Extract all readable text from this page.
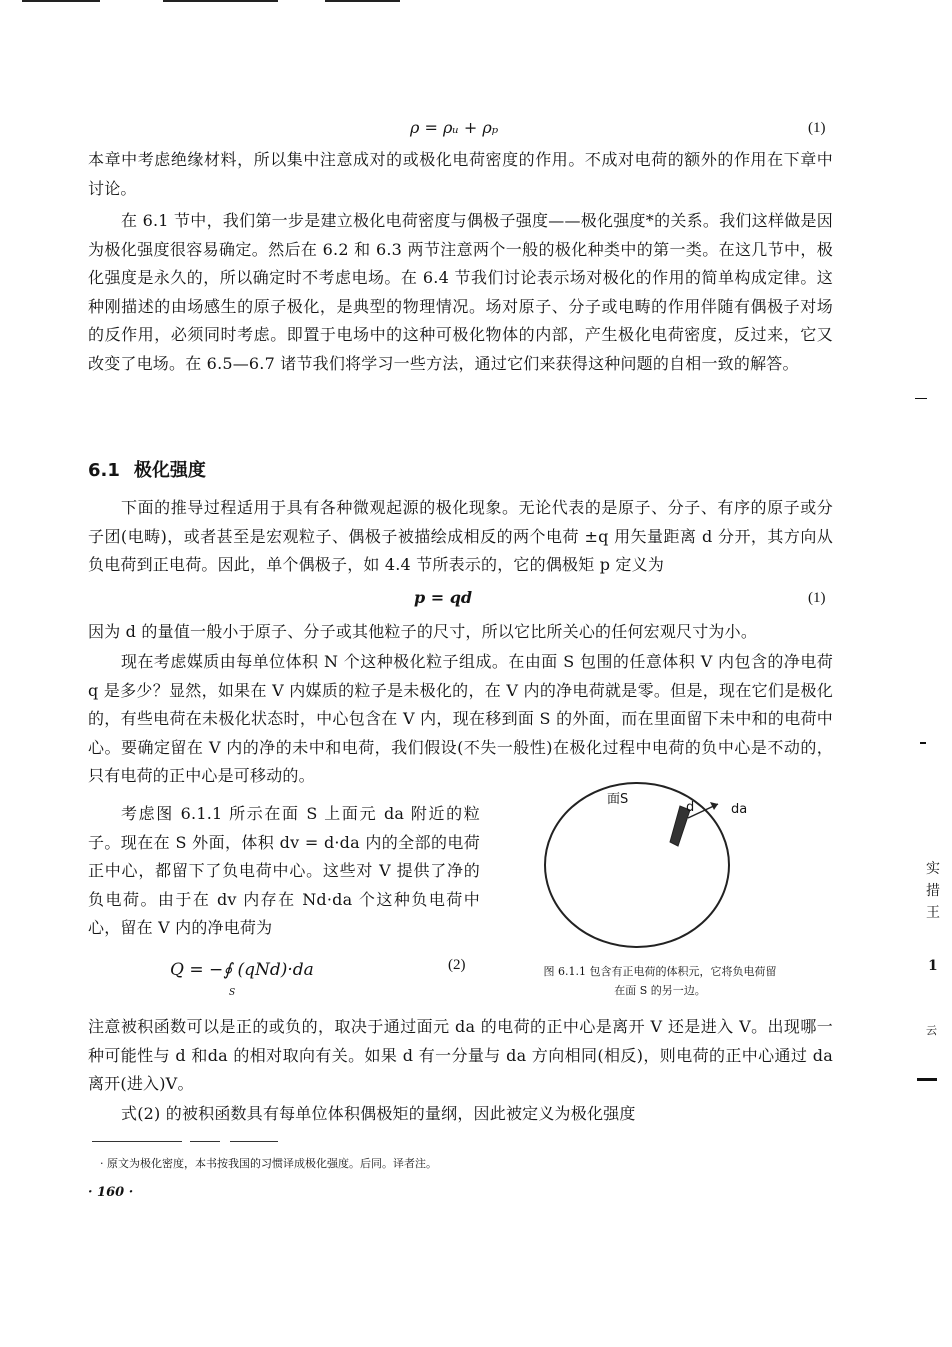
ρ = ρᵤ + ρₚ	(1)
本章中考虑绝缘材料，所以集中注意成对的或极化电荷密度的作用。不成对电荷的额外的作用在下章中讨论。
在 6.1 节中，我们第一步是建立极化电荷密度与偶极子强度——极化强度*的关系。我们这样做是因为极化强度很容易确定。然后在 6.2 和 6.3 两节注意两个一般的极化种类中的第一类。在这几节中，极化强度是永久的，所以确定时不考虑电场。在 6.4 节我们讨论表示场对极化的作用的简单构成定律。这种刚描述的由场感生的原子极化，是典型的物理情况。场对原子、分子或电畴的作用伴随有偶极子对场的反作用，必须同时考虑。即置于电场中的这种可极化物体的内部，产生极化电荷密度，反过来，它又改变了电场。在 6.5—6.7 诸节我们将学习一些方法，通过它们来获得这种问题的自相一致的解答。
6.1 极化强度
下面的推导过程适用于具有各种微观起源的极化现象。无论代表的是原子、分子、有序的原子或分子团(电畴)，或者甚至是宏观粒子、偶极子被描绘成相反的两个电荷 ±q 用矢量距离 d 分开，其方向从负电荷到正电荷。因此，单个偶极子，如 4.4 节所表示的，它的偶极矩 p 定义为
p = qd	(1)
因为 d 的量值一般小于原子、分子或其他粒子的尺寸，所以它比所关心的任何宏观尺寸为小。
现在考虑媒质由每单位体积 N 个这种极化粒子组成。在由面 S 包围的任意体积 V 内包含的净电荷 q 是多少？显然，如果在 V 内媒质的粒子是未极化的，在 V 内的净电荷就是零。但是，现在它们是极化的，有些电荷在未极化状态时，中心包含在 V 内，现在移到面 S 的外面，而在里面留下未中和的电荷中心。要确定留在 V 内的净的未中和电荷，我们假设(不失一般性)在极化过程中电荷的负中心是不动的，只有电荷的正中心是可移动的。
考虑图 6.1.1 所示在面 S 上面元 da 附近的粒子。现在在 S 外面，体积 dv = d·da 内的全部的电荷正中心，都留下了负电荷中心。这些对 V 提供了净的负电荷。由于在 dv 内存在 Nd·da 个这种负电荷中心，留在 V 内的净电荷为
Q = −∮ (qNd)·da
S
(2)
面S
d	da
图 6.1.1 包含有正电荷的体积元，它将负电荷留
在面 S 的另一边。
注意被积函数可以是正的或负的，取决于通过面元 da 的电荷的正中心是离开 V 还是进入 V。出现哪一种可能性与 d 和da 的相对取向有关。如果 d 有一分量与 da 方向相同(相反)，则电荷的正中心通过 da 离开(进入)V。
式(2) 的被积函数具有每单位体积偶极矩的量纲，因此被定义为极化强度
· 原文为极化密度，本书按我国的习惯译成极化强度。后同。译者注。
· 160 ·
实
措
王
1
云
